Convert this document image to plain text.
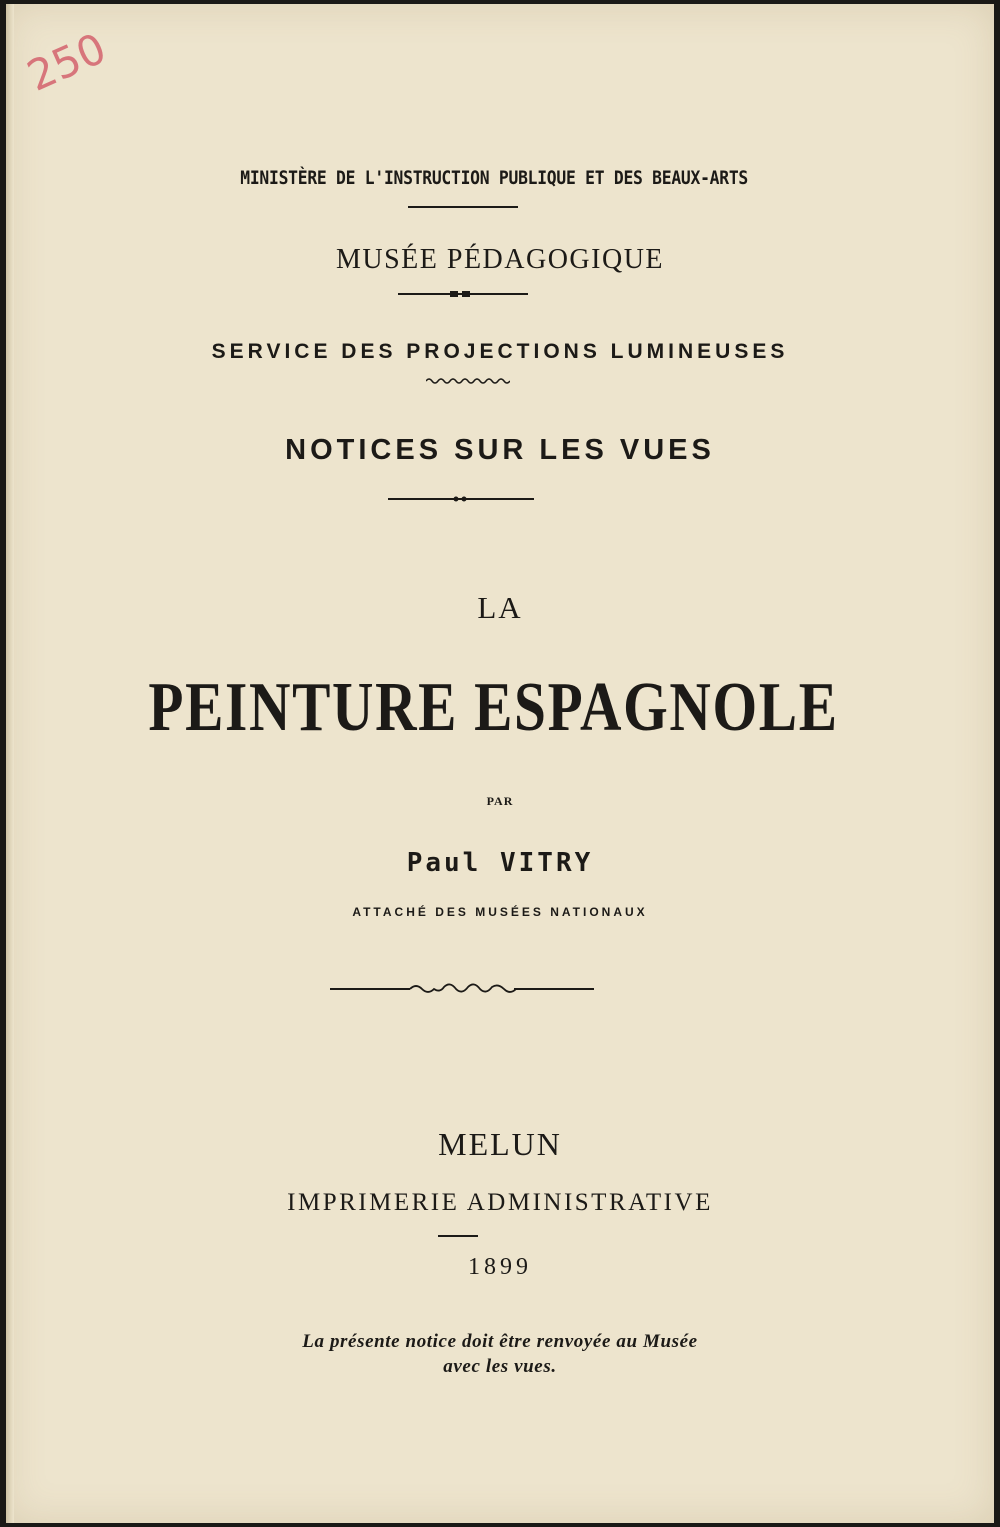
250
MINISTÈRE DE L'INSTRUCTION PUBLIQUE ET DES BEAUX-ARTS
MUSÉE PÉDAGOGIQUE
SERVICE DES PROJECTIONS LUMINEUSES
NOTICES SUR LES VUES
LA
PEINTURE ESPAGNOLE
PAR
Paul VITRY
ATTACHÉ DES MUSÉES NATIONAUX
MELUN
IMPRIMERIE ADMINISTRATIVE
1899
La présente notice doit être renvoyée au Musée
avec les vues.
